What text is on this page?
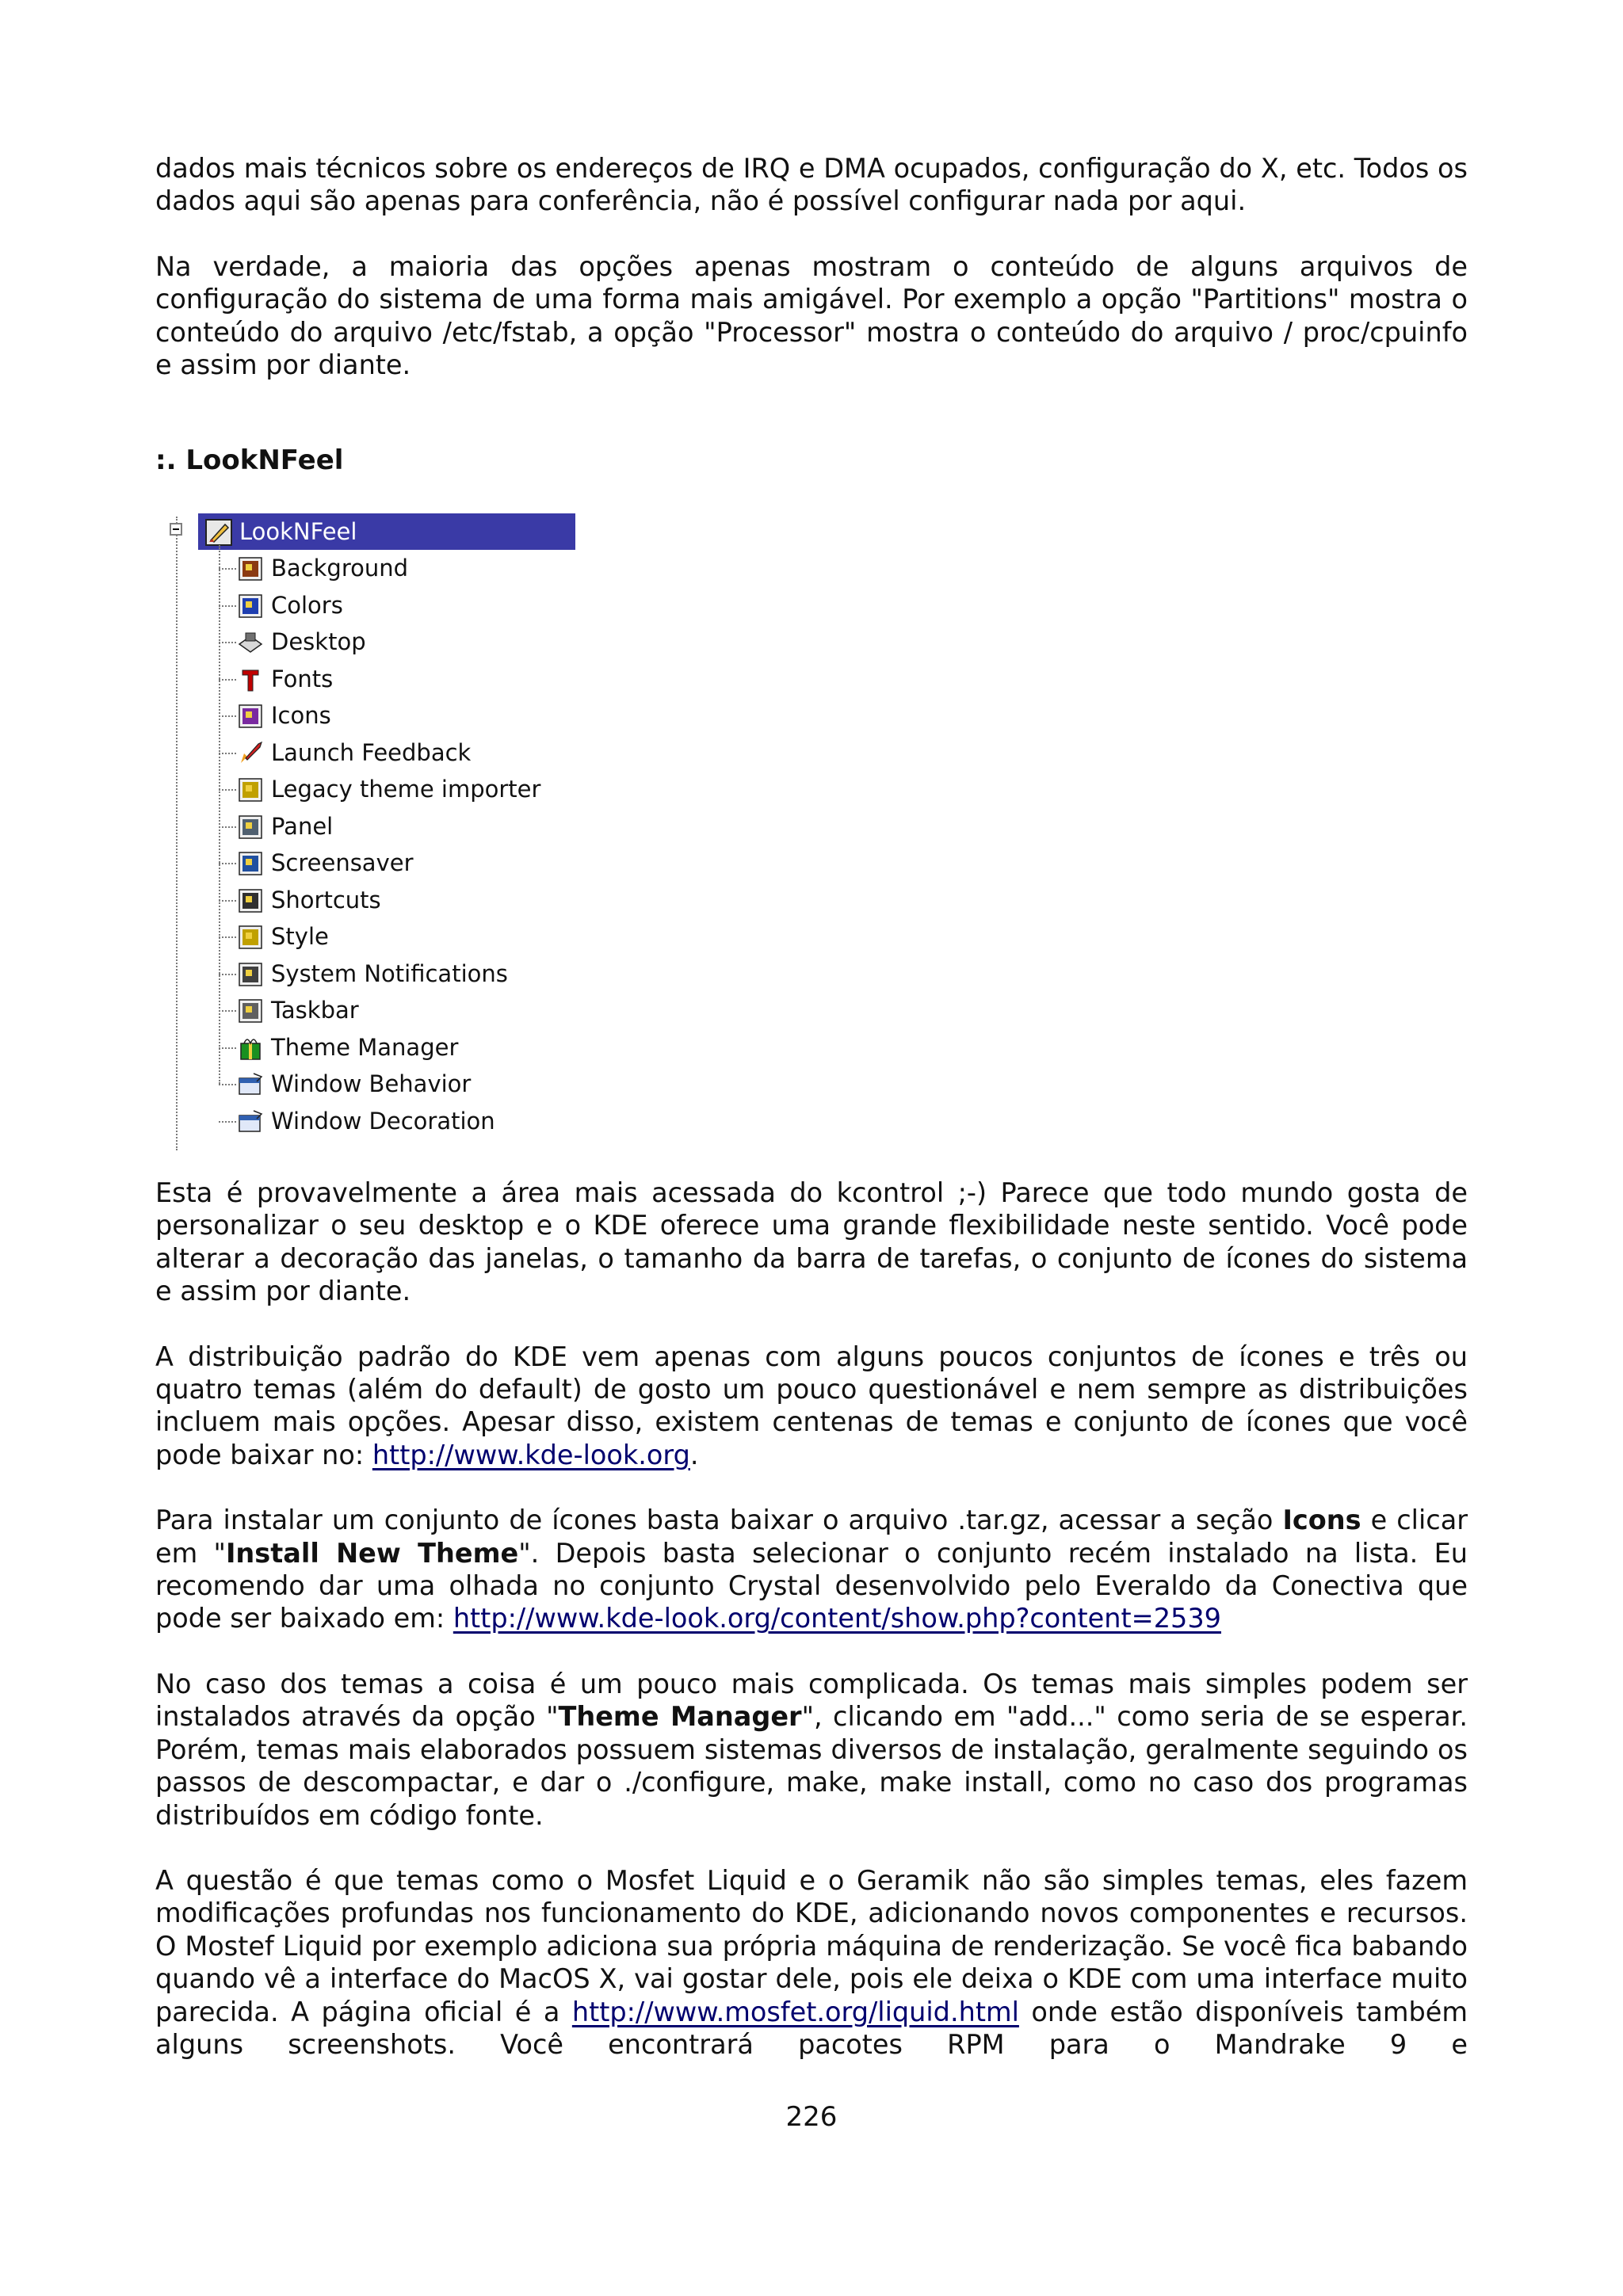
dados mais técnicos sobre os endereços de IRQ e DMA ocupados, configuração do X, etc. Todos os dados aqui são apenas para conferência, não é possível configurar nada por aqui.

Na verdade, a maioria das opções apenas mostram o conteúdo de alguns arquivos de configuração do sistema de uma forma mais amigável. Por exemplo a opção "Partitions" mostra o conteúdo do arquivo /etc/fstab, a opção "Processor" mostra o conteúdo do arquivo / proc/cpuinfo e assim por diante.

:. LookNFeel

LookNFeel
Background
Colors
Desktop
Fonts
Icons
Launch Feedback
Legacy theme importer
Panel
Screensaver
Shortcuts
Style
System Notifications
Taskbar
Theme Manager
Window Behavior
Window Decoration

Esta é provavelmente a área mais acessada do kcontrol ;-) Parece que todo mundo gosta de personalizar o seu desktop e o KDE oferece uma grande flexibilidade neste sentido. Você pode alterar a decoração das janelas, o tamanho da barra de tarefas, o conjunto de ícones do sistema e assim por diante.

A distribuição padrão do KDE vem apenas com alguns poucos conjuntos de ícones e três ou quatro temas (além do default) de gosto um pouco questionável e nem sempre as distribuições incluem mais opções. Apesar disso, existem centenas de temas e conjunto de ícones que você pode baixar no: http://www.kde-look.org.

Para instalar um conjunto de ícones basta baixar o arquivo .tar.gz, acessar a seção Icons e clicar em "Install New Theme". Depois basta selecionar o conjunto recém instalado na lista. Eu recomendo dar uma olhada no conjunto Crystal desenvolvido pelo Everaldo da Conectiva que pode ser baixado em: http://www.kde-look.org/content/show.php?content=2539

No caso dos temas a coisa é um pouco mais complicada. Os temas mais simples podem ser instalados através da opção "Theme Manager", clicando em "add..." como seria de se esperar. Porém, temas mais elaborados possuem sistemas diversos de instalação, geralmente seguindo os passos de descompactar, e dar o ./configure, make, make install, como no caso dos programas distribuídos em código fonte.

A questão é que temas como o Mosfet Liquid e o Geramik não são simples temas, eles fazem modificações profundas nos funcionamento do KDE, adicionando novos componentes e recursos. O Mostef Liquid por exemplo adiciona sua própria máquina de renderização. Se você fica babando quando vê a interface do MacOS X, vai gostar dele, pois ele deixa o KDE com uma interface muito parecida. A página oficial é a http://www.mosfet.org/liquid.html onde estão disponíveis também alguns screenshots. Você encontrará pacotes RPM para o Mandrake 9 e

226
